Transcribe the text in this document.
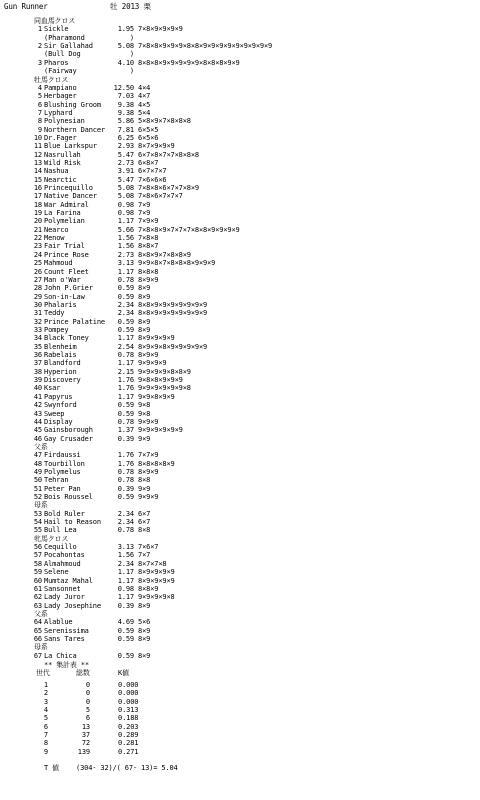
Gun Runner

	牡 2013 栗

同血馬クロス
1 Sickle	1.95 7×8×9×9×9×9
(Pharamond	)
2 Sir Gallahad	5.08 7×8×8×9×9×9×8×8×9×9×9×9×9×9×9×9×9
(Bull Dog	)
3 Pharos	4.10 8×8×8×9×9×9×9×9×8×8×8×9×9
(Fairway	)
牡馬クロス
4 Pampiano	12.50 4×4
5 Herbager	7.03 4×7
6 Blushing Groom	9.38 4×5
7 Lyphard	9.38 5×4
8 Polynesian	5.86 5×8×9×7×8×8×8
9 Northern Dancer	7.81 6×5×5
10 Dr.Fager	6.25 6×5×6
11 Blue Larkspur	2.93 8×7×9×9×9
12 Nasrullah	5.47 6×7×8×7×7×8×8×8
13 Wild Risk	2.73 6×8×7
14 Nashua	3.91 6×7×7×7
15 Nearctic	5.47 7×6×6×6
16 Princequillo	5.08 7×8×8×6×7×7×8×9
17 Native Dancer	5.08 7×8×6×7×7×7
18 War Admiral	0.98 7×9
19 La Farina	0.98 7×9
20 Polymelian	1.17 7×9×9
21 Nearco	5.66 7×8×8×9×7×7×7×8×8×9×9×9×9
22 Menow	1.56 7×8×8
23 Fair Trial	1.56 8×8×7
24 Prince Rose	2.73 8×8×9×7×8×8×9
25 Mahmoud	3.13 9×9×8×7×8×8×8×9×9×9
26 Count Fleet	1.17 8×8×8
27 Man o'War	0.78 8×9×9
28 John P.Grier	0.59 8×9
29 Son-in-Law	0.59 8×9
30 Phalaris	2.34 8×8×9×9×9×9×9×9×9
31 Teddy	2.34 8×8×9×9×9×9×9×9×9
32 Prince Palatine	0.59 8×9
33 Pompey	0.59 8×9
34 Black Toney	1.17 8×9×9×9×9
35 Blenheim	2.54 8×9×9×8×9×9×9×9×9
36 Rabelais	0.78 8×9×9
37 Blandford	1.17 9×9×9×9
38 Hyperion	2.15 9×9×9×9×8×8×9
39 Discovery	1.76 9×8×8×9×9×9
40 Ksar	1.76 9×9×9×9×9×9×8
41 Papyrus	1.17 9×9×8×9×9
42 Swynford	0.59 9×8
43 Sweep	0.59 9×8
44 Display	0.78 9×9×9
45 Gainsborough	1.37 9×9×9×9×9×9
46 Gay Crusader	0.39 9×9
父系
47 Firdaussi	1.76 7×7×9
48 Tourbillon	1.76 8×8×8×8×9
49 Polymelus	0.78 8×9×9
50 Tehran	0.78 8×8
51 Peter Pan	0.39 9×9
52 Bois Roussel	0.59 9×9×9
母系
53 Bold Ruler	2.34 6×7
54 Hail to Reason	2.34 6×7
55 Bull Lea	0.78 8×8
牝馬クロス
56 Cequillo	3.13 7×6×7
57 Pocahontas	1.56 7×7
58 Almahmoud	2.34 8×7×7×8
59 Selene	1.17 8×9×9×9×9
60 Mumtaz Mahal	1.17 8×9×9×9×9
61 Sansonnet	0.98 8×8×9
62 Lady Juror	1.17 9×9×9×9×8
63 Lady Josephine	0.39 8×9
父系
64 Alablue	4.69 5×6
65 Serenissima	0.59 8×9
66 Sans Tares	0.59 8×9
母系
67 La Chica	0.59 8×9
** 集計表 **
世代	総数	K値
1	0	0.000
2	0	0.000
3	0	0.000
4	5	0.313
5	6	0.188
6	13	0.203
7	37	0.289
8	72	0.281
9	139	0.271

T 値

(304- 32)/( 67- 13)= 5.04
